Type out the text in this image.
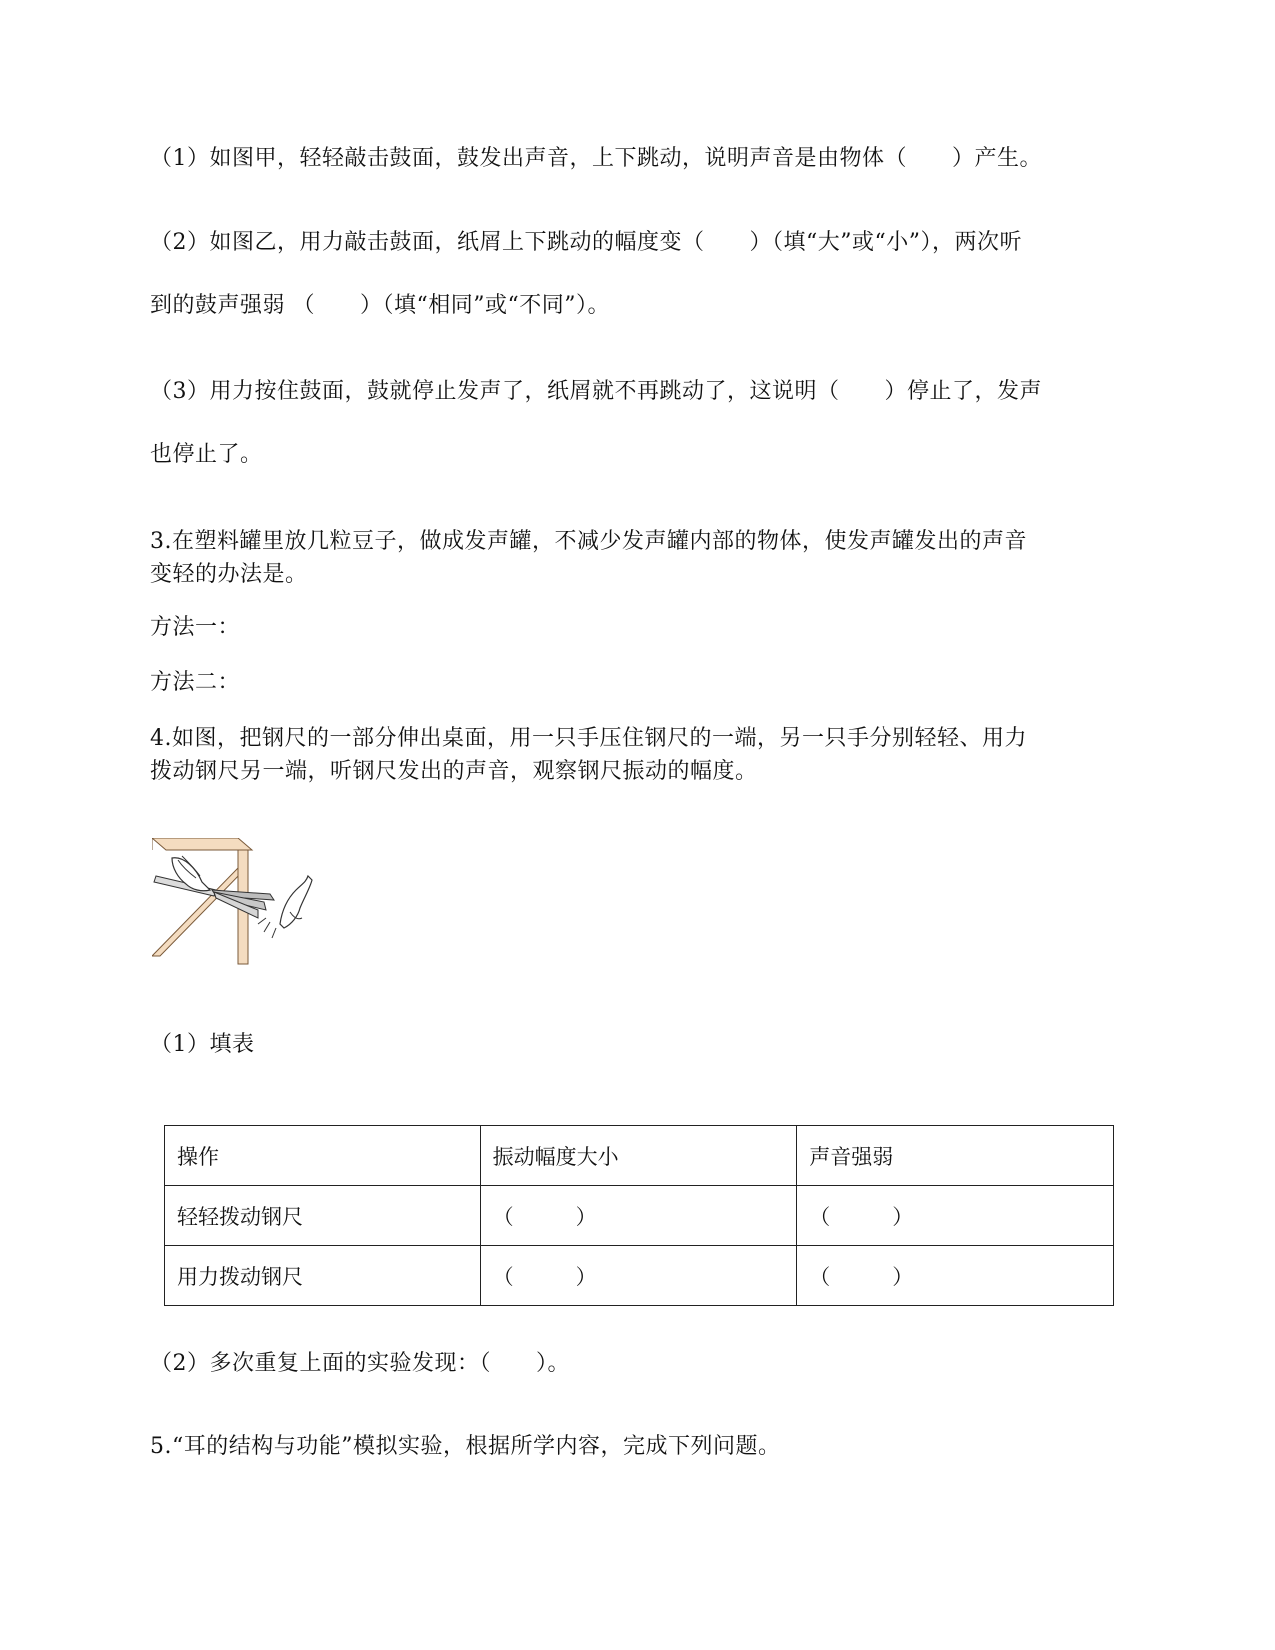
（1）如图甲，轻轻敲击鼓面，鼓发出声音，上下跳动，说明声音是由物体（　　）产生。
（2）如图乙，用力敲击鼓面，纸屑上下跳动的幅度变（　　）（填“大”或“小”），两次听
到的鼓声强弱 （　　）（填“相同”或“不同”）。
（3）用力按住鼓面，鼓就停止发声了，纸屑就不再跳动了，这说明（　　）停止了，发声
也停止了。
3.在塑料罐里放几粒豆子，做成发声罐，不减少发声罐内部的物体，使发声罐发出的声音
变轻的办法是。
方法一：
方法二：
4.如图，把钢尺的一部分伸出桌面，用一只手压住钢尺的一端，另一只手分别轻轻、用力
拨动钢尺另一端，听钢尺发出的声音，观察钢尺振动的幅度。
（1）填表
操作	振动幅度大小	声音强弱
轻轻拨动钢尺	（ ）	（ ）
用力拨动钢尺	（ ）	（ ）
（2）多次重复上面的实验发现：（　　）。
5.“耳的结构与功能”模拟实验，根据所学内容，完成下列问题。
